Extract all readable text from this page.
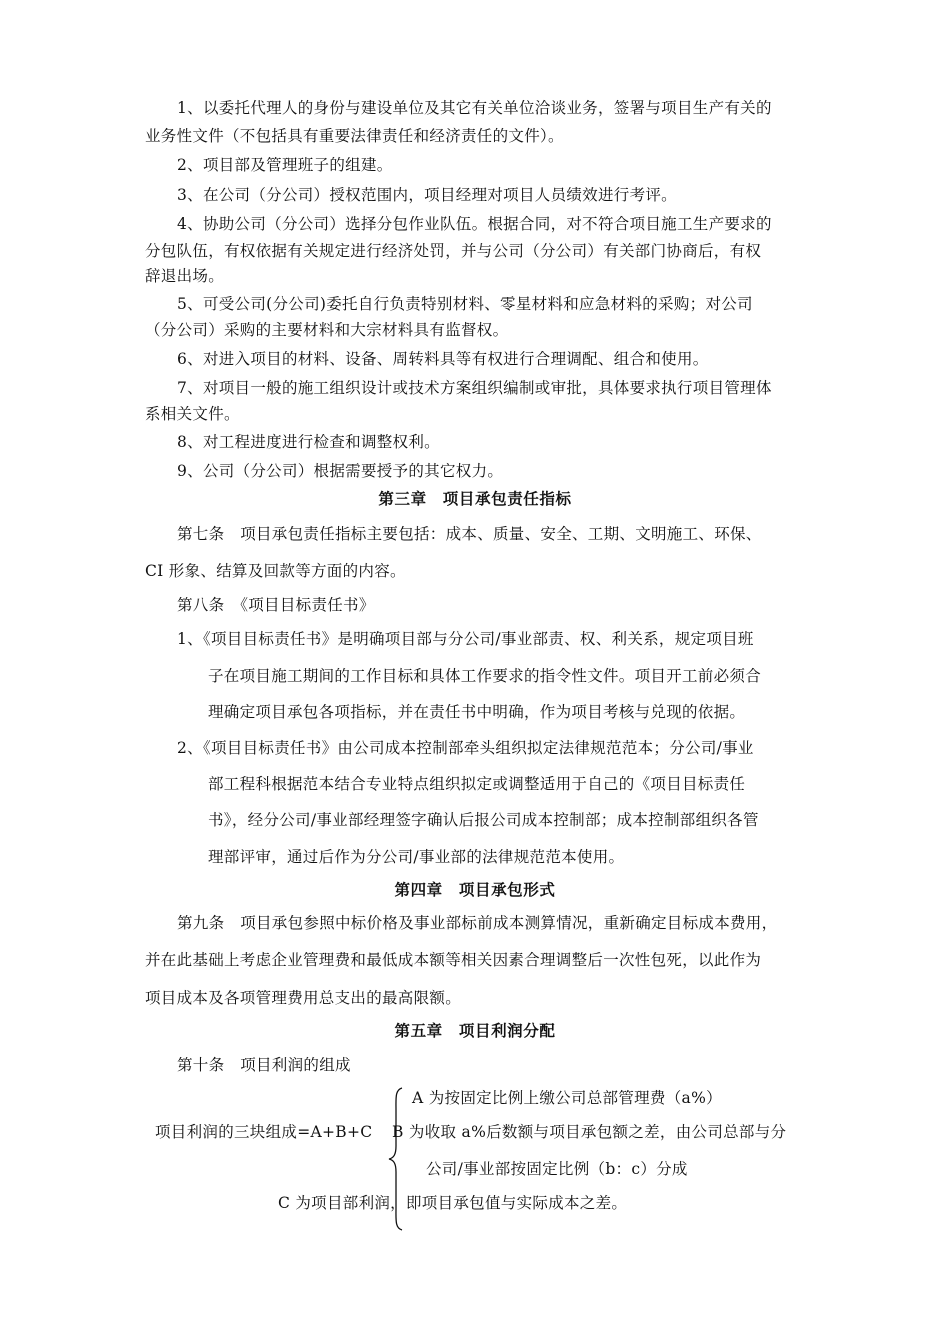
1、以委托代理人的身份与建设单位及其它有关单位洽谈业务，签署与项目生产有关的
业务性文件（不包括具有重要法律责任和经济责任的文件）。
2、项目部及管理班子的组建。
3、在公司（分公司）授权范围内，项目经理对项目人员绩效进行考评。
4、协助公司（分公司）选择分包作业队伍。根据合同，对不符合项目施工生产要求的
分包队伍，有权依据有关规定进行经济处罚，并与公司（分公司）有关部门协商后，有权
辞退出场。
5、可受公司(分公司)委托自行负责特别材料、零星材料和应急材料的采购；对公司
（分公司）采购的主要材料和大宗材料具有监督权。
6、对进入项目的材料、设备、周转料具等有权进行合理调配、组合和使用。
7、对项目一般的施工组织设计或技术方案组织编制或审批，具体要求执行项目管理体
系相关文件。
8、对工程进度进行检查和调整权利。
9、公司（分公司）根据需要授予的其它权力。
第三章　项目承包责任指标
第七条　项目承包责任指标主要包括：成本、质量、安全、工期、文明施工、环保、
CI 形象、结算及回款等方面的内容。
第八条　《项目目标责任书》
1、《项目目标责任书》是明确项目部与分公司/事业部责、权、利关系，规定项目班
子在项目施工期间的工作目标和具体工作要求的指令性文件。项目开工前必须合
理确定项目承包各项指标，并在责任书中明确，作为项目考核与兑现的依据。
2、《项目目标责任书》由公司成本控制部牵头组织拟定法律规范范本；分公司/事业
部工程科根据范本结合专业特点组织拟定或调整适用于自己的《项目目标责任
书》，经分公司/事业部经理签字确认后报公司成本控制部；成本控制部组织各管
理部评审，通过后作为分公司/事业部的法律规范范本使用。
第四章　项目承包形式
第九条　项目承包参照中标价格及事业部标前成本测算情况，重新确定目标成本费用，
并在此基础上考虑企业管理费和最低成本额等相关因素合理调整后一次性包死，以此作为
项目成本及各项管理费用总支出的最高限额。
第五章　项目利润分配
第十条　项目利润的组成
项目利润的三块组成=A+B+C
A 为按固定比例上缴公司总部管理费（a%）
B 为收取 a%后数额与项目承包额之差，由公司总部与分
公司/事业部按固定比例（b：c）分成
C 为项目部利润，即项目承包值与实际成本之差。
